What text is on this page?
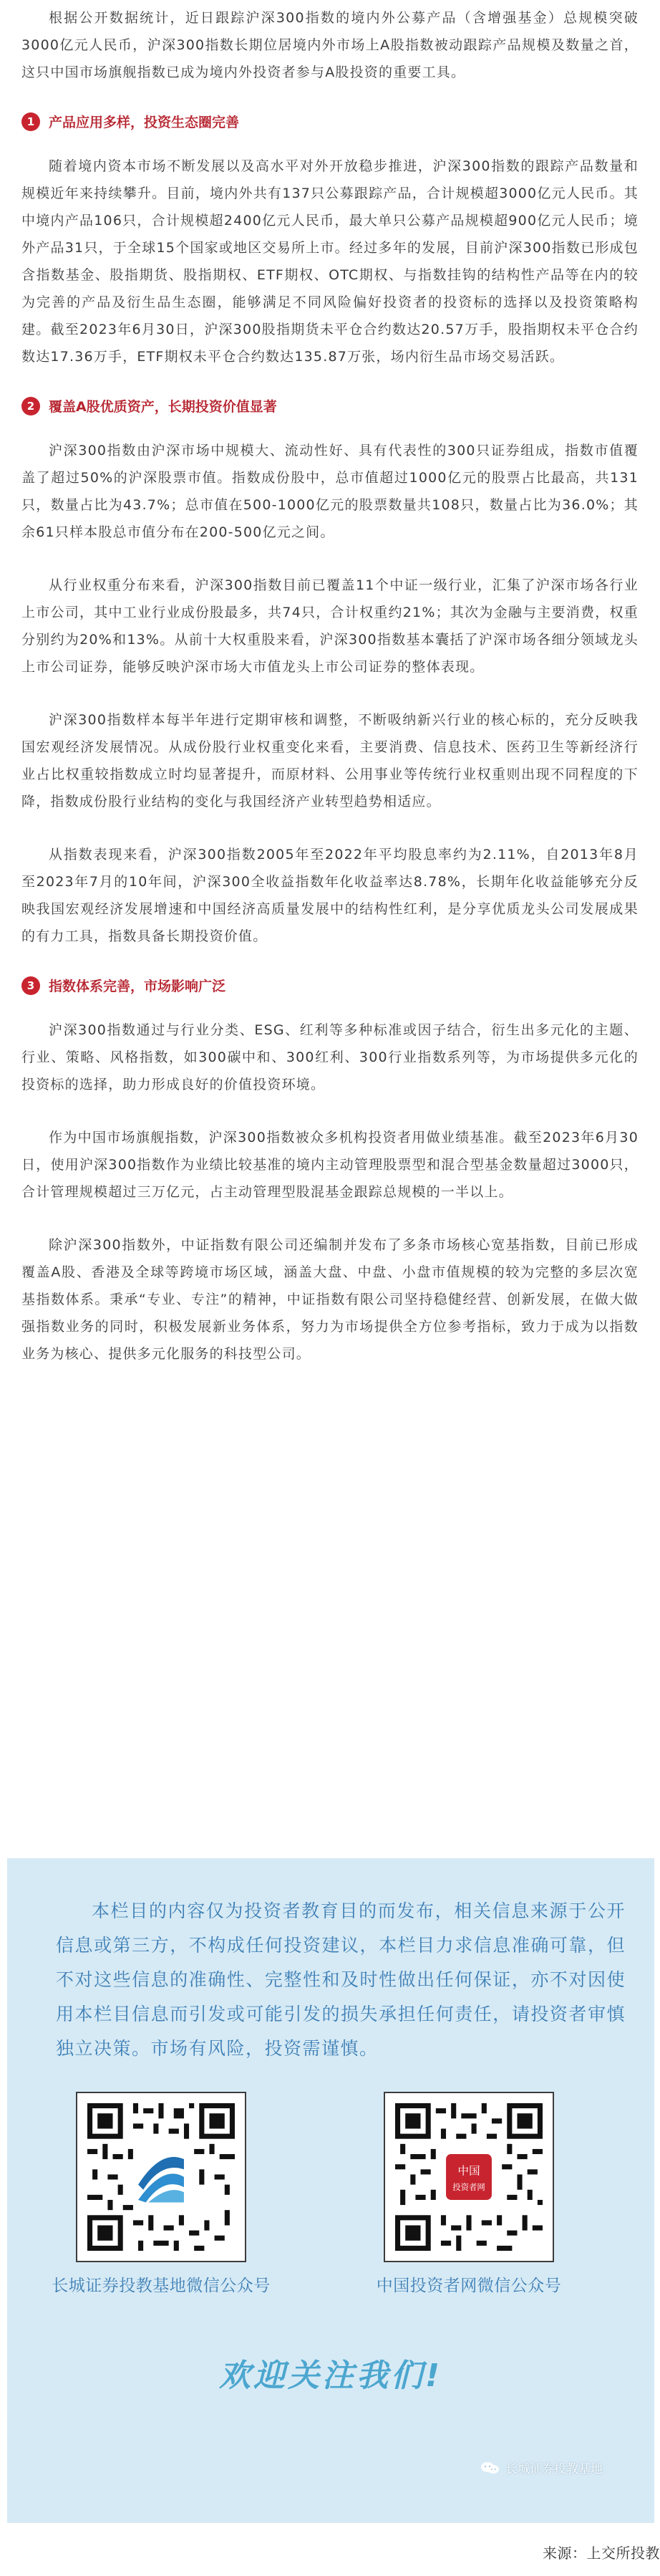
根据公开数据统计，近日跟踪沪深300指数的境内外公募产品（含增强基金）总规模突破3000亿元人民币，沪深300指数长期位居境内外市场上A股指数被动跟踪产品规模及数量之首，这只中国市场旗舰指数已成为境内外投资者参与A股投资的重要工具。

1	产品应用多样，投资生态圈完善

随着境内资本市场不断发展以及高水平对外开放稳步推进，沪深300指数的跟踪产品数量和规模近年来持续攀升。目前，境内外共有137只公募跟踪产品，合计规模超3000亿元人民币。其中境内产品106只，合计规模超2400亿元人民币，最大单只公募产品规模超900亿元人民币；境外产品31只，于全球15个国家或地区交易所上市。经过多年的发展，目前沪深300指数已形成包含指数基金、股指期货、股指期权、ETF期权、OTC期权、与指数挂钩的结构性产品等在内的较为完善的产品及衍生品生态圈，能够满足不同风险偏好投资者的投资标的选择以及投资策略构建。截至2023年6月30日，沪深300股指期货未平仓合约数达20.57万手，股指期权未平仓合约数达17.36万手，ETF期权未平仓合约数达135.87万张，场内衍生品市场交易活跃。

2	覆盖A股优质资产，长期投资价值显著

沪深300指数由沪深市场中规模大、流动性好、具有代表性的300只证券组成，指数市值覆盖了超过50%的沪深股票市值。指数成份股中，总市值超过1000亿元的股票占比最高，共131只，数量占比为43.7%；总市值在500-1000亿元的股票数量共108只，数量占比为36.0%；其余61只样本股总市值分布在200-500亿元之间。

从行业权重分布来看，沪深300指数目前已覆盖11个中证一级行业，汇集了沪深市场各行业上市公司，其中工业行业成份股最多，共74只，合计权重约21%；其次为金融与主要消费，权重分别约为20%和13%。从前十大权重股来看，沪深300指数基本囊括了沪深市场各细分领域龙头上市公司证券，能够反映沪深市场大市值龙头上市公司证券的整体表现。

沪深300指数样本每半年进行定期审核和调整，不断吸纳新兴行业的核心标的，充分反映我国宏观经济发展情况。从成份股行业权重变化来看，主要消费、信息技术、医药卫生等新经济行业占比权重较指数成立时均显著提升，而原材料、公用事业等传统行业权重则出现不同程度的下降，指数成份股行业结构的变化与我国经济产业转型趋势相适应。

从指数表现来看，沪深300指数2005年至2022年平均股息率约为2.11%，自2013年8月至2023年7月的10年间，沪深300全收益指数年化收益率达8.78%，长期年化收益能够充分反映我国宏观经济发展增速和中国经济高质量发展中的结构性红利，是分享优质龙头公司发展成果的有力工具，指数具备长期投资价值。

3	指数体系完善，市场影响广泛

沪深300指数通过与行业分类、ESG、红利等多种标准或因子结合，衍生出多元化的主题、行业、策略、风格指数，如300碳中和、300红利、300行业指数系列等，为市场提供多元化的投资标的选择，助力形成良好的价值投资环境。

作为中国市场旗舰指数，沪深300指数被众多机构投资者用做业绩基准。截至2023年6月30日，使用沪深300指数作为业绩比较基准的境内主动管理股票型和混合型基金数量超过3000只，合计管理规模超过三万亿元，占主动管理型股混基金跟踪总规模的一半以上。

除沪深300指数外，中证指数有限公司还编制并发布了多条市场核心宽基指数，目前已形成覆盖A股、香港及全球等跨境市场区域，涵盖大盘、中盘、小盘市值规模的较为完整的多层次宽基指数体系。秉承“专业、专注”的精神，中证指数有限公司坚持稳健经营、创新发展，在做大做强指数业务的同时，积极发展新业务体系，努力为市场提供全方位参考指标，致力于成为以指数业务为核心、提供多元化服务的科技型公司。

本栏目的内容仅为投资者教育目的而发布，相关信息来源于公开信息或第三方，不构成任何投资建议，本栏目力求信息准确可靠，但不对这些信息的准确性、完整性和及时性做出任何保证，亦不对因使用本栏目信息而引发或可能引发的损失承担任何责任，请投资者审慎独立决策。市场有风险，投资需谨慎。

长城证券投教基地微信公众号
中国
投资者网
中国投资者网微信公众号
欢迎关注我们!
长城证券投教基地
来源：上交所投教
